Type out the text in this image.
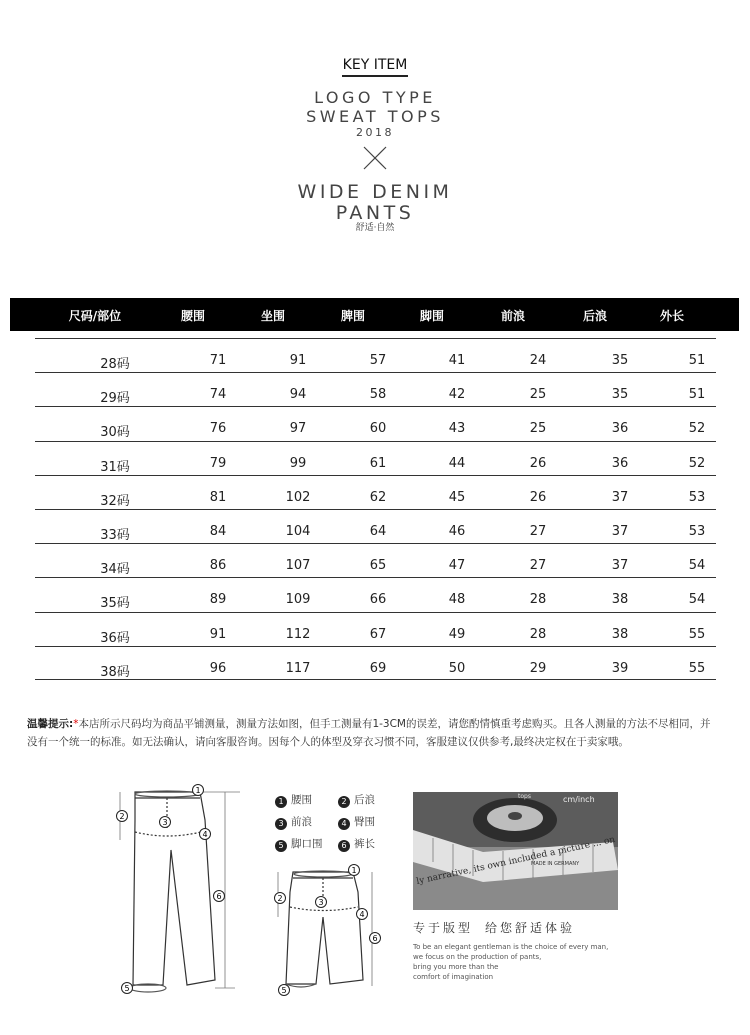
KEY ITEM
LOGO TYPE
SWEAT TOPS
2018
WIDE DENIM
PANTS
舒适·自然
尺码/部位	腰围	坐围	脾围	脚围	前浪	后浪	外长
28码	71	91	57	41	24	35	51
29码	74	94	58	42	25	35	51
30码	76	97	60	43	25	36	52
31码	79	99	61	44	26	36	52
32码	81	102	62	45	26	37	53
33码	84	104	64	46	27	37	53
34码	86	107	65	47	27	37	54
35码	89	109	66	48	28	38	54
36码	91	112	67	49	28	38	55
38码	96	117	69	50	29	39	55
温馨提示:*本店所示尺码均为商品平铺测量，测量方法如图，但手工测量有1-3CM的误差，请您酌情慎重考虑购买。且各人测量的方法不尽相同，并没有一个统一的标准。如无法确认，请向客服咨询。因每个人的体型及穿衣习惯不同，客服建议仅供参考,最终决定权在于卖家哦。
1
2
3
4
6
5
1 腰围	2 后浪
3 前浪	4 臀围
5 脚口围	6 裤长
1
2	3
4
6
5
cm/inch
MADE IN GERMANY
tops
专于版型 给您舒适体验
To be an elegant gentleman is the choice of every man,
we focus on the production of pants,
bring you more than the
comfort of imagination
